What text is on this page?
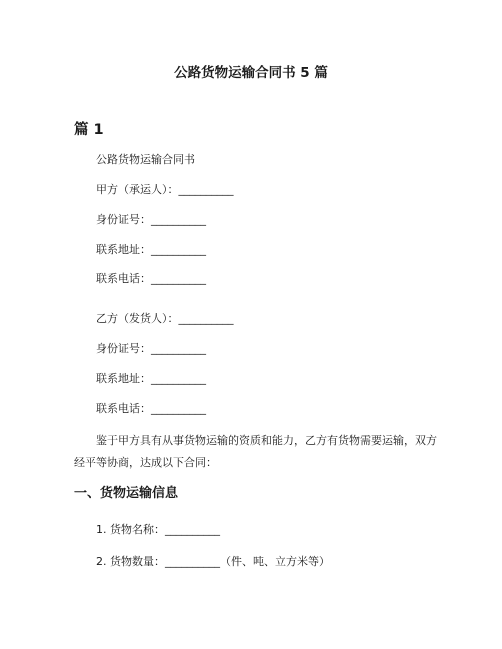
公路货物运输合同书 5 篇
篇 1
公路货物运输合同书
甲方（承运人）：__________
身份证号：__________
联系地址：__________
联系电话：__________
乙方（发货人）：__________
身份证号：__________
联系地址：__________
联系电话：__________
鉴于甲方具有从事货物运输的资质和能力，乙方有货物需要运输，双方经平等协商，达成以下合同：
一、货物运输信息
1. 货物名称：__________
2. 货物数量：__________（件、吨、立方米等）
